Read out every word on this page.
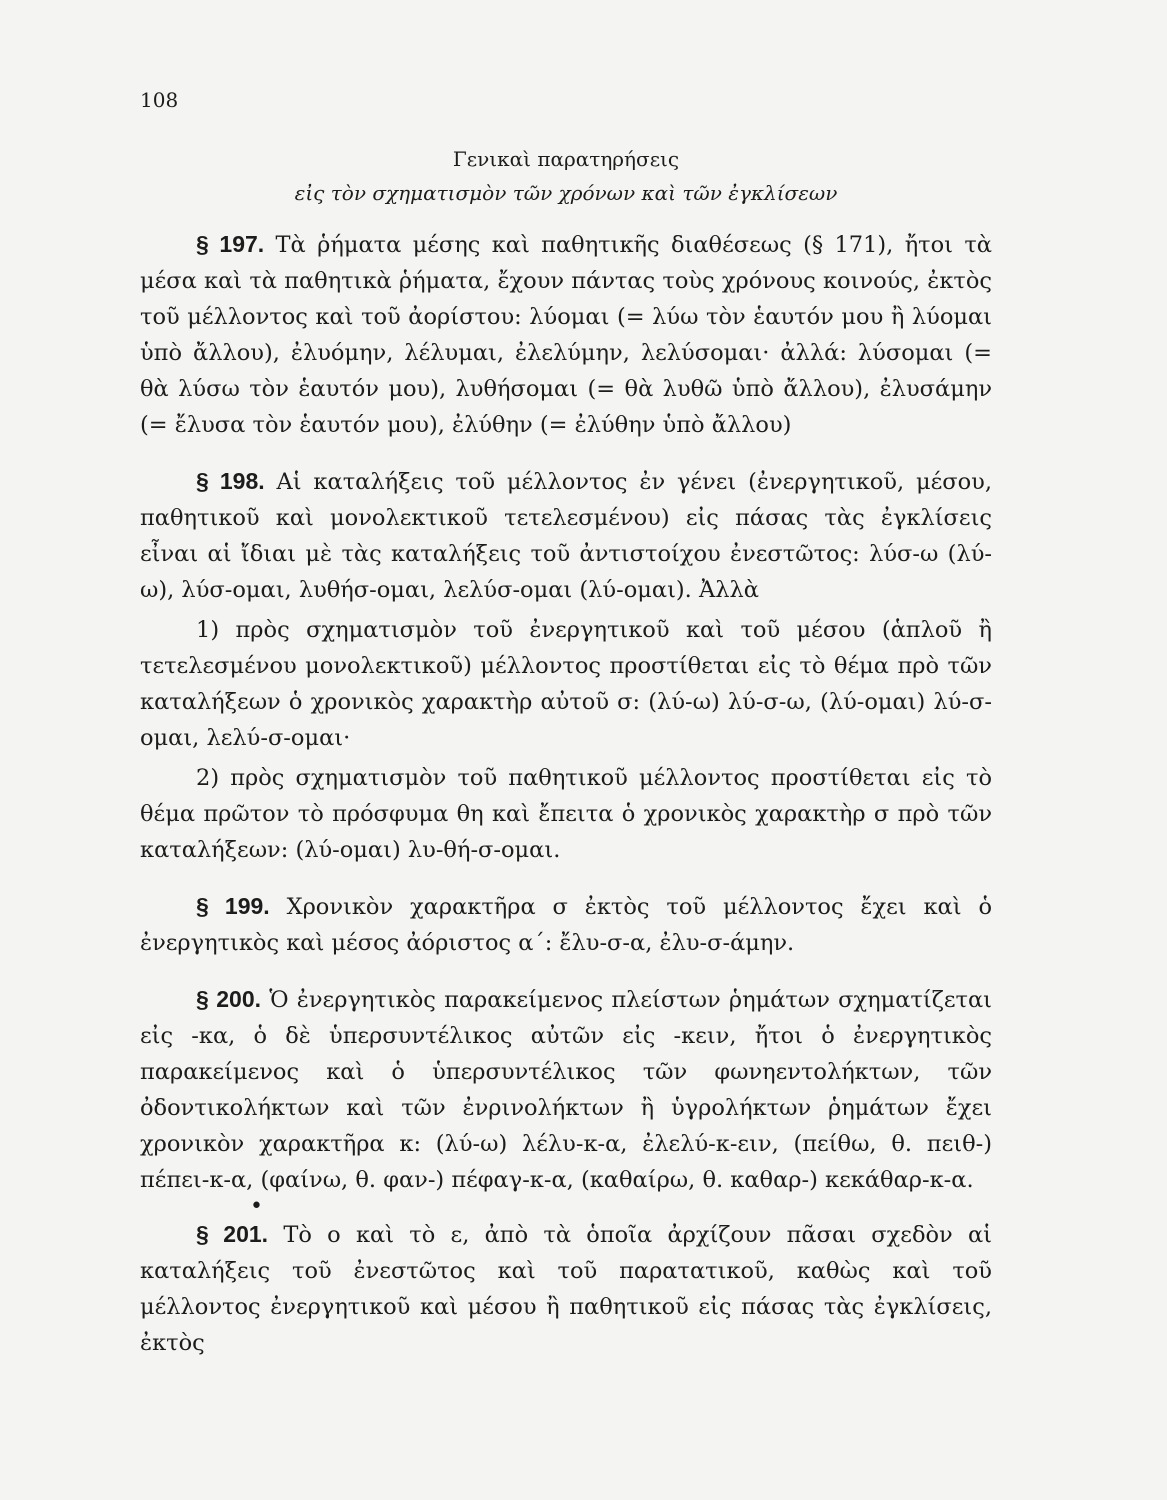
108
Γενικαὶ παρατηρήσεις
εἰς τὸν σχηματισμὸν τῶν χρόνων καὶ τῶν ἐγκλίσεων

§ 197. Τὰ ῥήματα μέσης καὶ παθητικῆς διαθέσεως (§ 171), ἤτοι τὰ μέσα καὶ τὰ παθητικὰ ῥήματα, ἔχουν πάντας τοὺς χρόνους κοινούς, ἐκτὸς τοῦ μέλλοντος καὶ τοῦ ἀορίστου: λύομαι (= λύω τὸν ἑαυτόν μου ἢ λύομαι ὑπὸ ἄλλου), ἐλυόμην, λέλυμαι, ἐλελύμην, λελύσομαι· ἀλλά: λύσομαι (= θὰ λύσω τὸν ἑαυτόν μου), λυθήσομαι (= θὰ λυθῶ ὑπὸ ἄλλου), ἐλυσάμην (= ἔλυσα τὸν ἑαυτόν μου), ἐλύθην (= ἐλύθην ὑπὸ ἄλλου)

§ 198. Αἱ καταλήξεις τοῦ μέλλοντος ἐν γένει (ἐνεργητικοῦ, μέσου, παθητικοῦ καὶ μονολεκτικοῦ τετελεσμένου) εἰς πάσας τὰς ἐγκλίσεις εἶναι αἱ ἴδιαι μὲ τὰς καταλήξεις τοῦ ἀντιστοίχου ἐνεστῶτος: λύσ-ω (λύ-ω), λύσ-ομαι, λυθήσ-ομαι, λελύσ-ομαι (λύ-ομαι). Ἀλλὰ

1) πρὸς σχηματισμὸν τοῦ ἐνεργητικοῦ καὶ τοῦ μέσου (ἁπλοῦ ἢ τετελεσμένου μονολεκτικοῦ) μέλλοντος προστίθεται εἰς τὸ θέμα πρὸ τῶν καταλήξεων ὁ χρονικὸς χαρακτὴρ αὐτοῦ σ: (λύ-ω) λύ-σ-ω, (λύ-ομαι) λύ-σ-ομαι, λελύ-σ-ομαι·

2) πρὸς σχηματισμὸν τοῦ παθητικοῦ μέλλοντος προστίθεται εἰς τὸ θέμα πρῶτον τὸ πρόσφυμα θη καὶ ἔπειτα ὁ χρονικὸς χαρακτὴρ σ πρὸ τῶν καταλήξεων: (λύ-ομαι) λυ-θή-σ-ομαι.

§ 199. Χρονικὸν χαρακτῆρα σ ἐκτὸς τοῦ μέλλοντος ἔχει καὶ ὁ ἐνεργητικὸς καὶ μέσος ἀόριστος α΄: ἔλυ-σ-α, ἐλυ-σ-άμην.

§ 200. Ὁ ἐνεργητικὸς παρακείμενος πλείστων ῥημάτων σχηματίζεται εἰς -κα, ὁ δὲ ὑπερσυντέλικος αὐτῶν εἰς -κειν, ἤτοι ὁ ἐνεργητικὸς παρακείμενος καὶ ὁ ὑπερσυντέλικος τῶν φωνηεντολήκτων, τῶν ὀδοντικολήκτων καὶ τῶν ἐνρινολήκτων ἢ ὑγρολήκτων ῥημάτων ἔχει χρονικὸν χαρακτῆρα κ: (λύ-ω) λέλυ-κ-α, ἐλελύ-κ-ειν, (πείθω, θ. πειθ-) πέπει-κ-α, (φαίνω, θ. φαν-) πέφαγ-κ-α, (καθαίρω, θ. καθαρ-) κεκάθαρ-κ-α.

•

§ 201. Τὸ ο καὶ τὸ ε, ἀπὸ τὰ ὁποῖα ἀρχίζουν πᾶσαι σχεδὸν αἱ καταλήξεις τοῦ ἐνεστῶτος καὶ τοῦ παρατατικοῦ, καθὼς καὶ τοῦ μέλλοντος ἐνεργητικοῦ καὶ μέσου ἢ παθητικοῦ εἰς πάσας τὰς ἐγκλίσεις, ἐκτὸς
